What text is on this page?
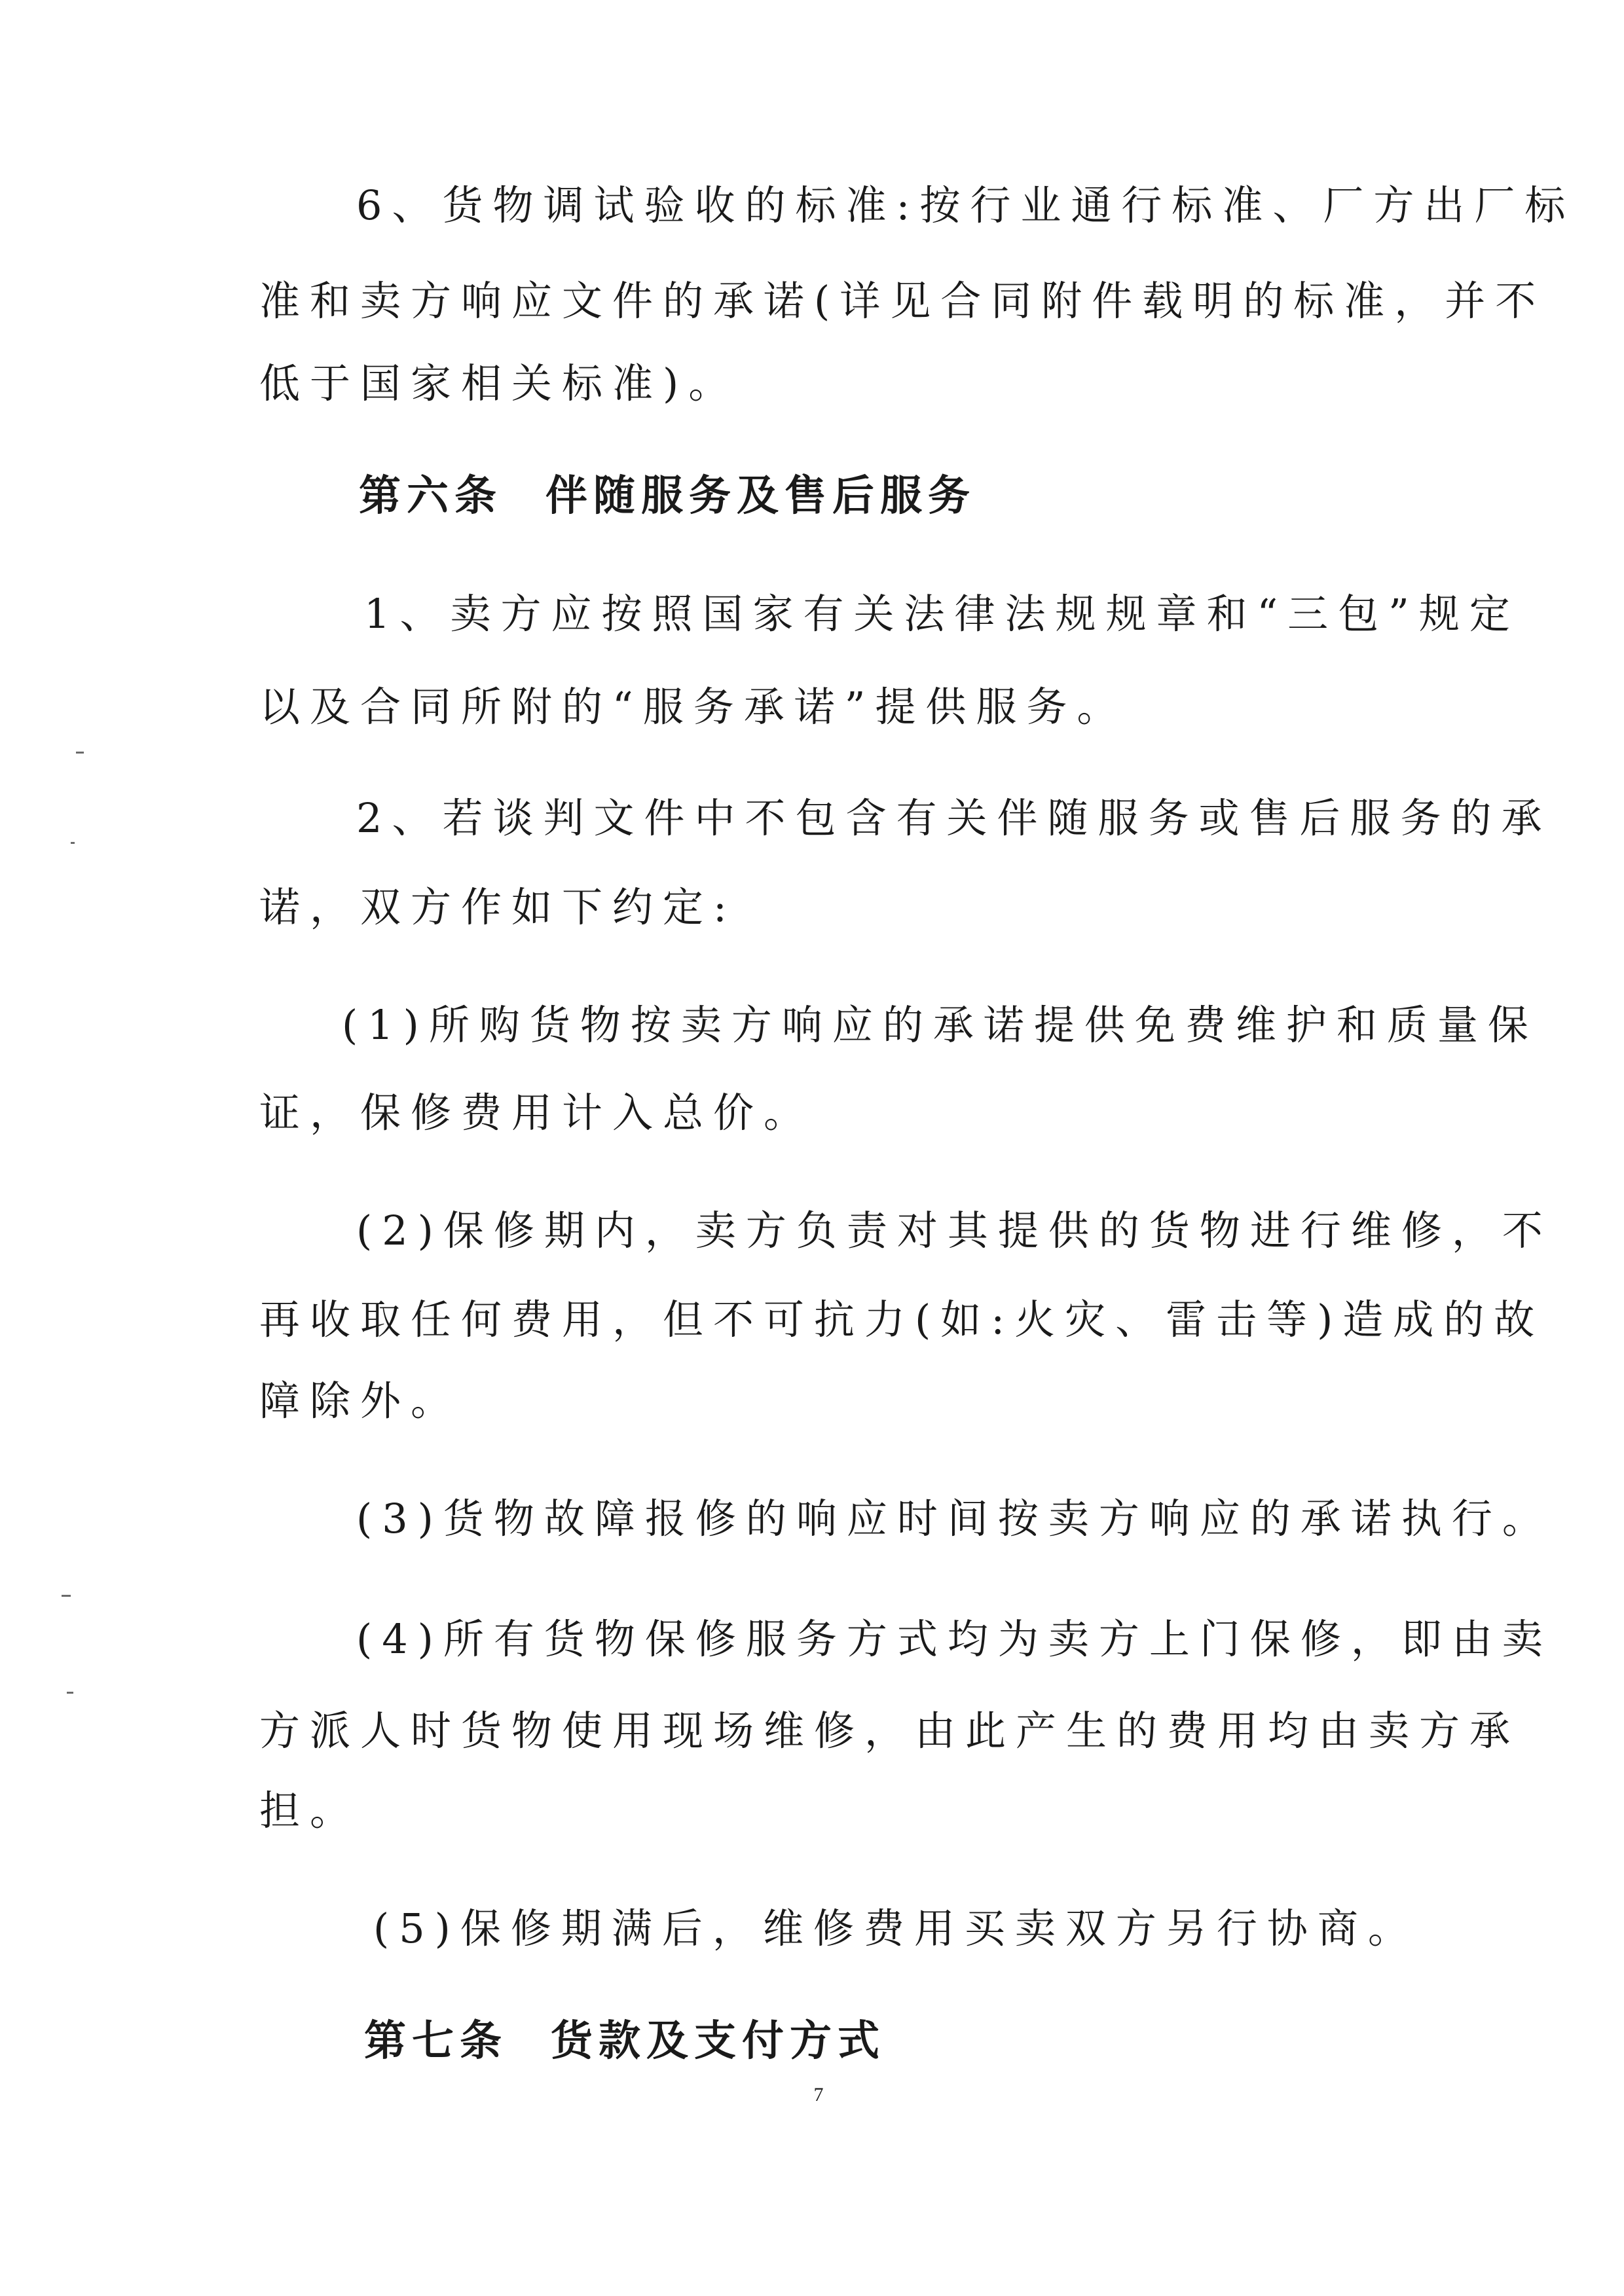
6、货物调试验收的标准:按行业通行标准、厂方出厂标
准和卖方响应文件的承诺(详见合同附件载明的标准，并不
低于国家相关标准)。
第六条 伴随服务及售后服务
1、卖方应按照国家有关法律法规规章和“三包”规定
以及合同所附的“服务承诺”提供服务。
2、若谈判文件中不包含有关伴随服务或售后服务的承
诺，双方作如下约定:
(1)所购货物按卖方响应的承诺提供免费维护和质量保
证，保修费用计入总价。
(2)保修期内，卖方负责对其提供的货物进行维修，不
再收取任何费用，但不可抗力(如:火灾、雷击等)造成的故
障除外。
(3)货物故障报修的响应时间按卖方响应的承诺执行。
(4)所有货物保修服务方式均为卖方上门保修，即由卖
方派人时货物使用现场维修，由此产生的费用均由卖方承
担。
(5)保修期满后，维修费用买卖双方另行协商。
第七条 货款及支付方式
7
